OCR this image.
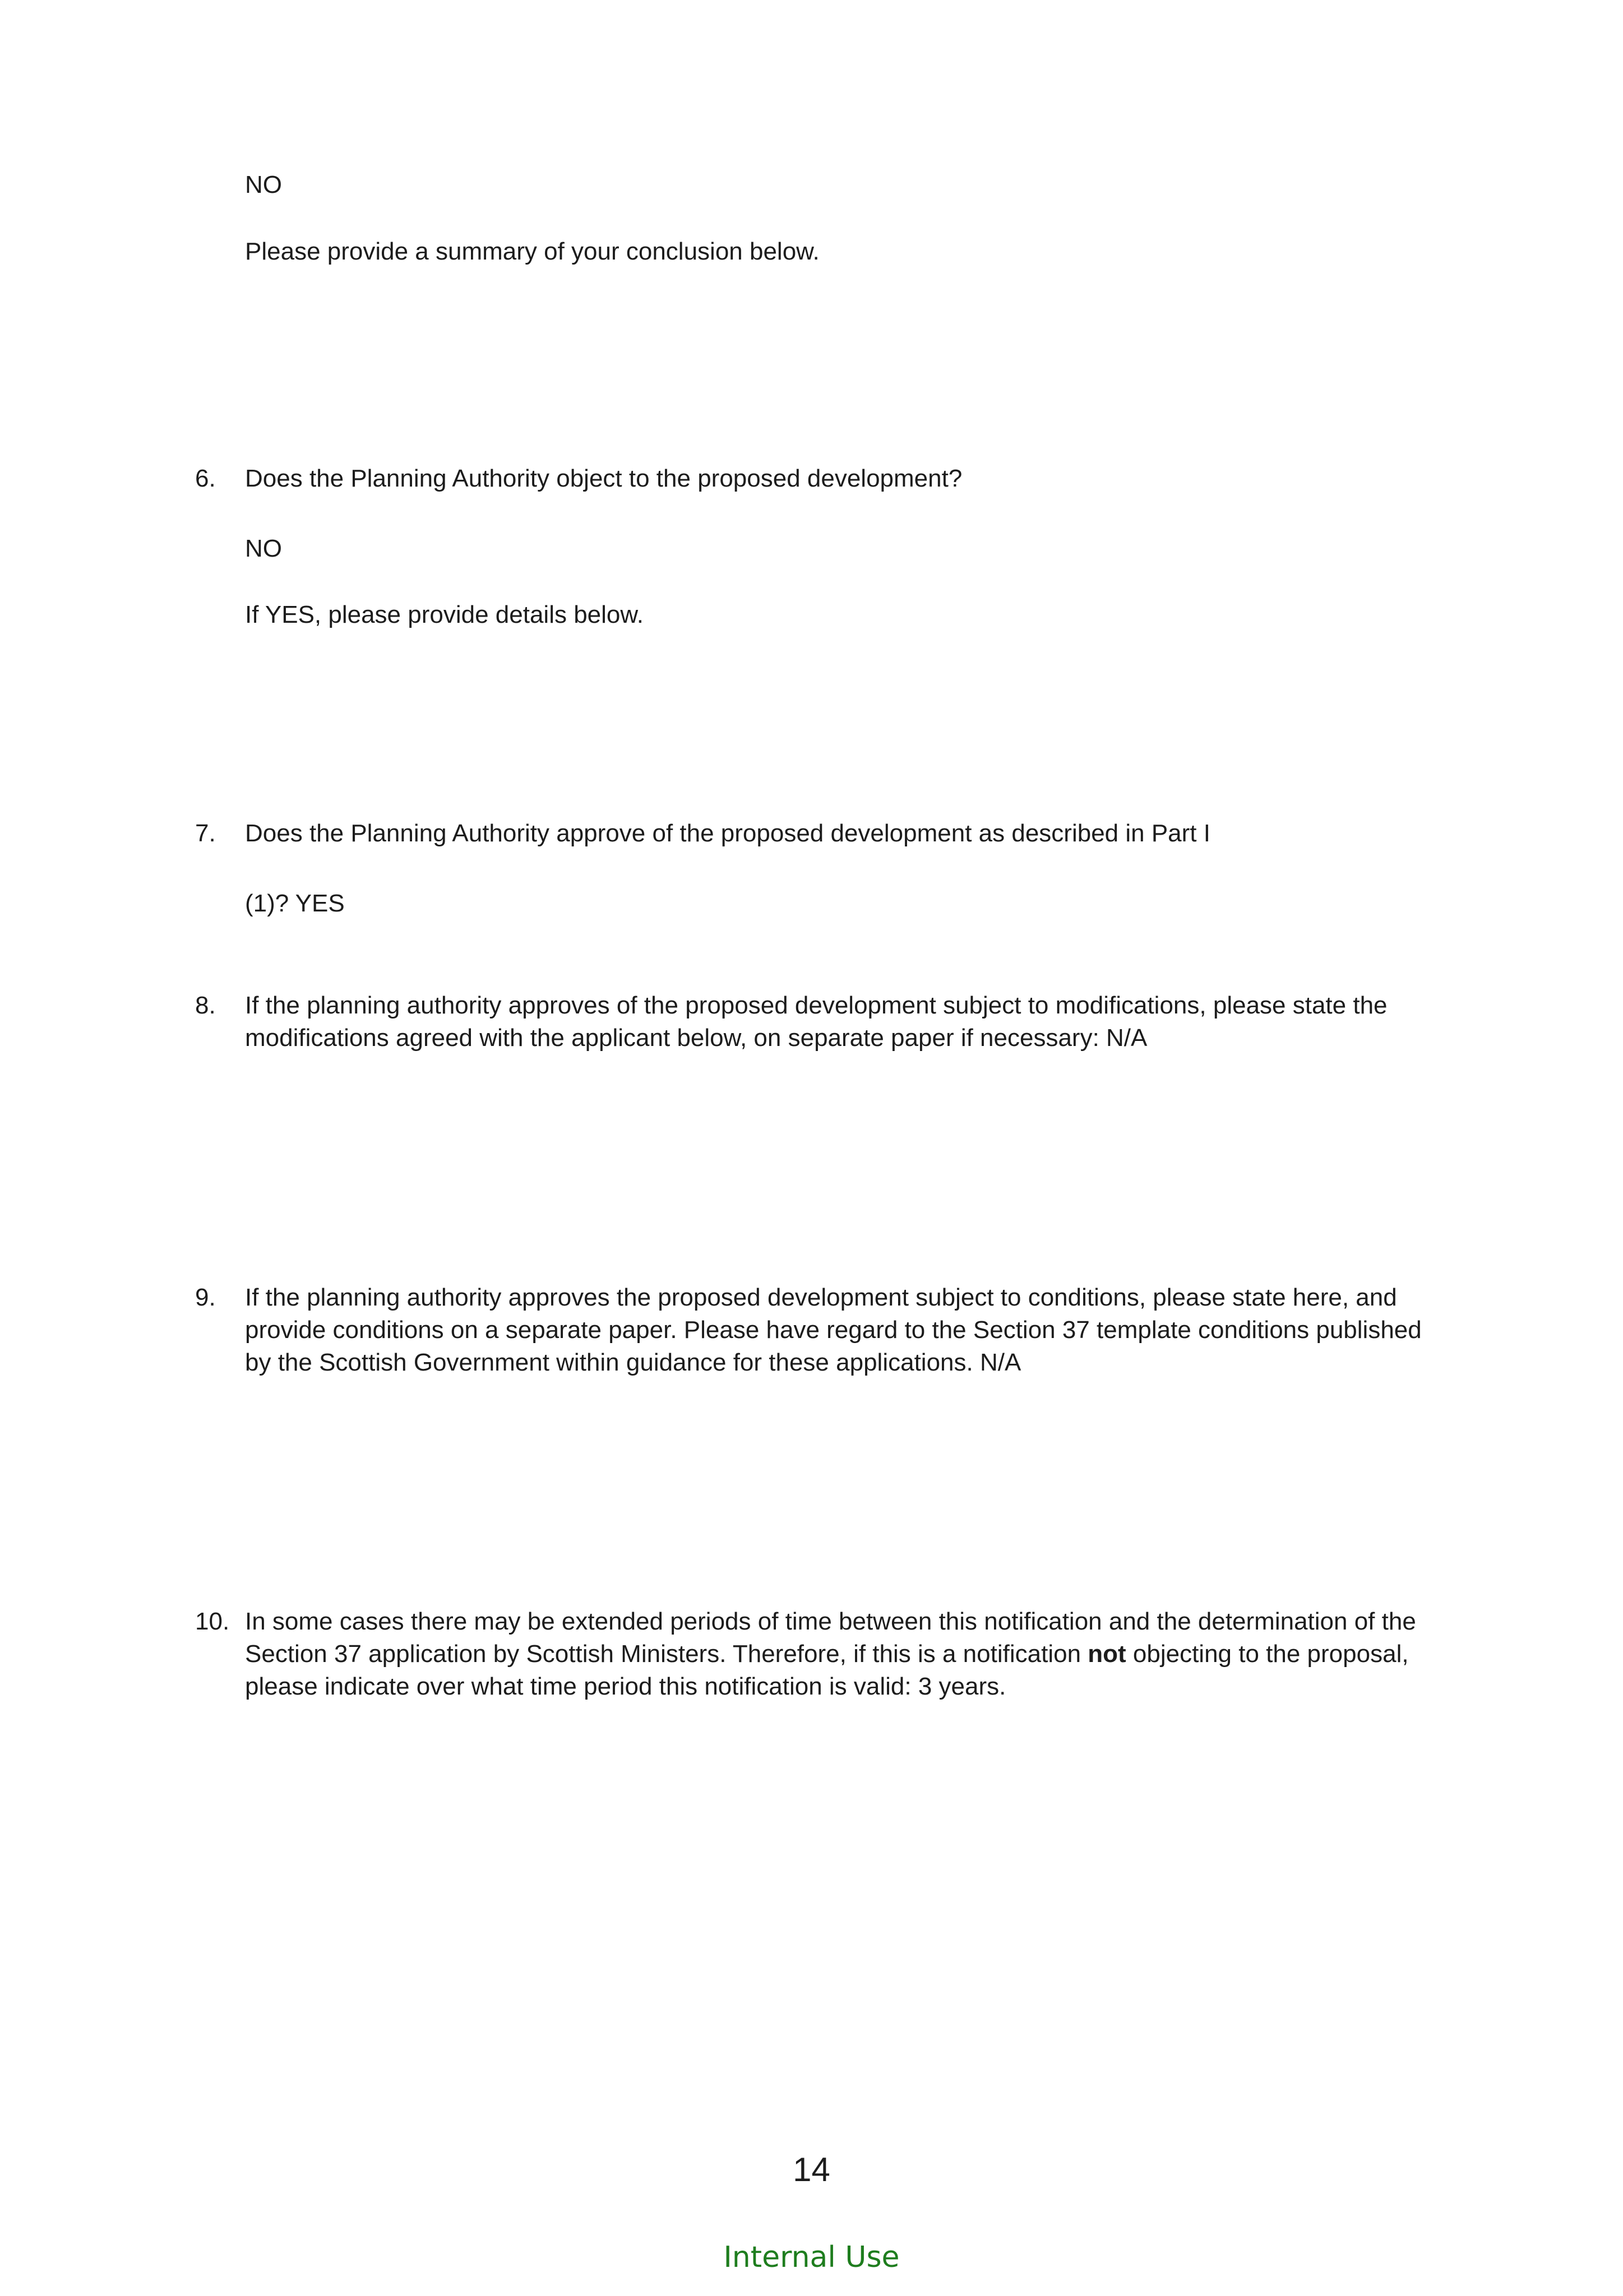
NO

Please provide a summary of your conclusion below.

6. Does the Planning Authority object to the proposed development?

NO

If YES, please provide details below.

7. Does the Planning Authority approve of the proposed development as described in Part I

(1)? YES

8. If the planning authority approves of the proposed development subject to modifications, please state the

modifications agreed with the applicant below, on separate paper if necessary: N/A

9. If the planning authority approves the proposed development subject to conditions, please state here, and

provide conditions on a separate paper. Please have regard to the Section 37 template conditions published

by the Scottish Government within guidance for these applications. N/A

10. In some cases there may be extended periods of time between this notification and the determination of the

Section 37 application by Scottish Ministers. Therefore, if this is a notification not objecting to the proposal,

please indicate over what time period this notification is valid: 3 years.

14
Internal Use
